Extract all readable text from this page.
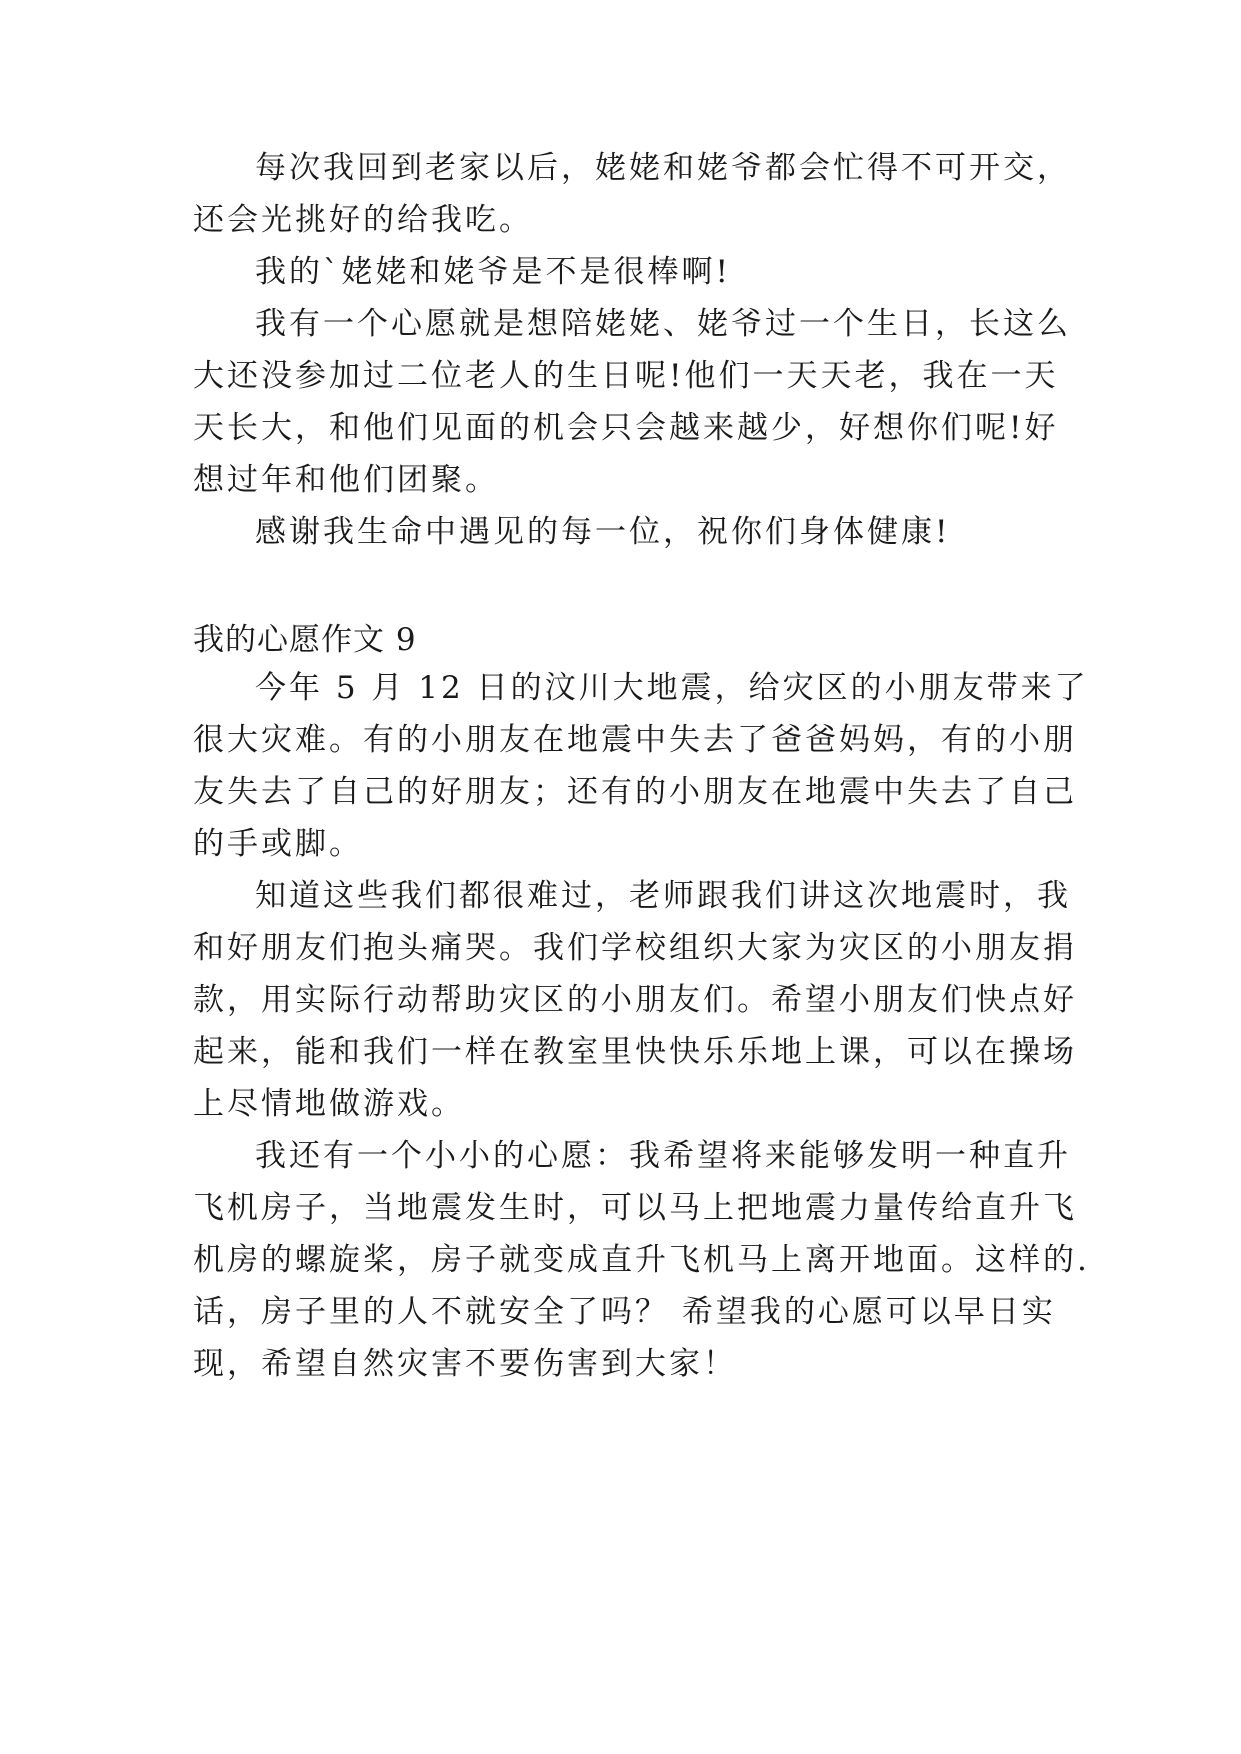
每次我回到老家以后，姥姥和姥爷都会忙得不可开交，
还会光挑好的给我吃。
我的`姥姥和姥爷是不是很棒啊!
我有一个心愿就是想陪姥姥、姥爷过一个生日，长这么
大还没参加过二位老人的生日呢!他们一天天老，我在一天
天长大，和他们见面的机会只会越来越少，好想你们呢!好
想过年和他们团聚。
感谢我生命中遇见的每一位，祝你们身体健康!
我的心愿作文 9
今年 5 月 12 日的汶川大地震，给灾区的小朋友带来了
很大灾难。有的小朋友在地震中失去了爸爸妈妈，有的小朋
友失去了自己的好朋友；还有的小朋友在地震中失去了自己
的手或脚。
知道这些我们都很难过，老师跟我们讲这次地震时，我
和好朋友们抱头痛哭。我们学校组织大家为灾区的小朋友捐
款，用实际行动帮助灾区的小朋友们。希望小朋友们快点好
起来，能和我们一样在教室里快快乐乐地上课，可以在操场
上尽情地做游戏。
我还有一个小小的心愿：我希望将来能够发明一种直升
飞机房子，当地震发生时，可以马上把地震力量传给直升飞
机房的螺旋桨，房子就变成直升飞机马上离开地面。这样的.
话，房子里的人不就安全了吗？ 希望我的心愿可以早日实
现，希望自然灾害不要伤害到大家！
